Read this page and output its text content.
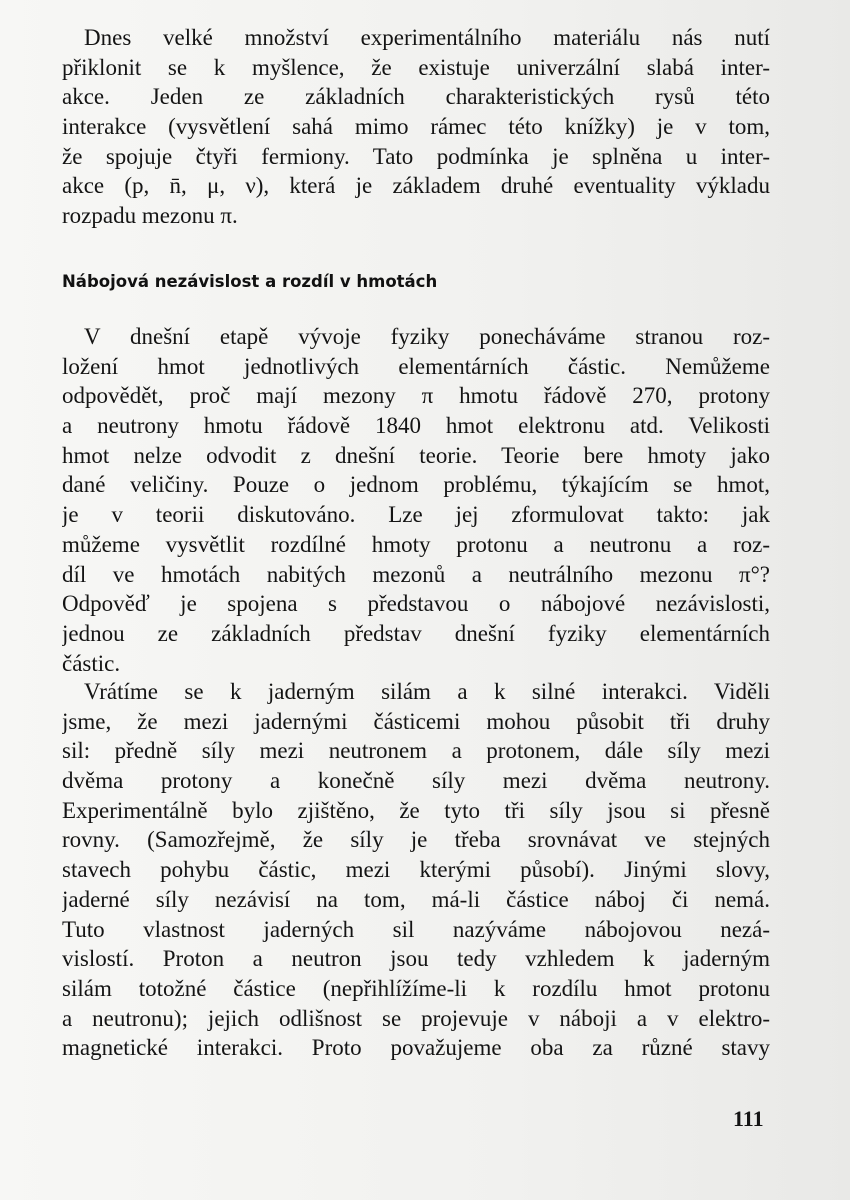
Dnes velké množství experimentálního materiálu nás nutí
přiklonit se k myšlence, že existuje univerzální slabá inter-
akce. Jeden ze základních charakteristických rysů této
interakce (vysvětlení sahá mimo rámec této knížky) je v tom,
že spojuje čtyři fermiony. Tato podmínka je splněna u inter-
akce (p, n̄, μ, ν), která je základem druhé eventuality výkladu
rozpadu mezonu π.
Nábojová nezávislost a rozdíl v hmotách
V dnešní etapě vývoje fyziky ponecháváme stranou roz-
ložení hmot jednotlivých elementárních částic. Nemůžeme
odpovědět, proč mají mezony π hmotu řádově 270, protony
a neutrony hmotu řádově 1840 hmot elektronu atd. Velikosti
hmot nelze odvodit z dnešní teorie. Teorie bere hmoty jako
dané veličiny. Pouze o jednom problému, týkajícím se hmot,
je v teorii diskutováno. Lze jej zformulovat takto: jak
můžeme vysvětlit rozdílné hmoty protonu a neutronu a roz-
díl ve hmotách nabitých mezonů a neutrálního mezonu π°?
Odpověď je spojena s představou o nábojové nezávislosti,
jednou ze základních představ dnešní fyziky elementárních
částic.
Vrátíme se k jaderným silám a k silné interakci. Viděli
jsme, že mezi jadernými částicemi mohou působit tři druhy
sil: předně síly mezi neutronem a protonem, dále síly mezi
dvěma protony a konečně síly mezi dvěma neutrony.
Experimentálně bylo zjištěno, že tyto tři síly jsou si přesně
rovny. (Samozřejmě, že síly je třeba srovnávat ve stejných
stavech pohybu částic, mezi kterými působí). Jinými slovy,
jaderné síly nezávisí na tom, má-li částice náboj či nemá.
Tuto vlastnost jaderných sil nazýváme nábojovou nezá-
vislostí. Proton a neutron jsou tedy vzhledem k jaderným
silám totožné částice (nepřihlížíme-li k rozdílu hmot protonu
a neutronu); jejich odlišnost se projevuje v náboji a v elektro-
magnetické interakci. Proto považujeme oba za různé stavy
111
